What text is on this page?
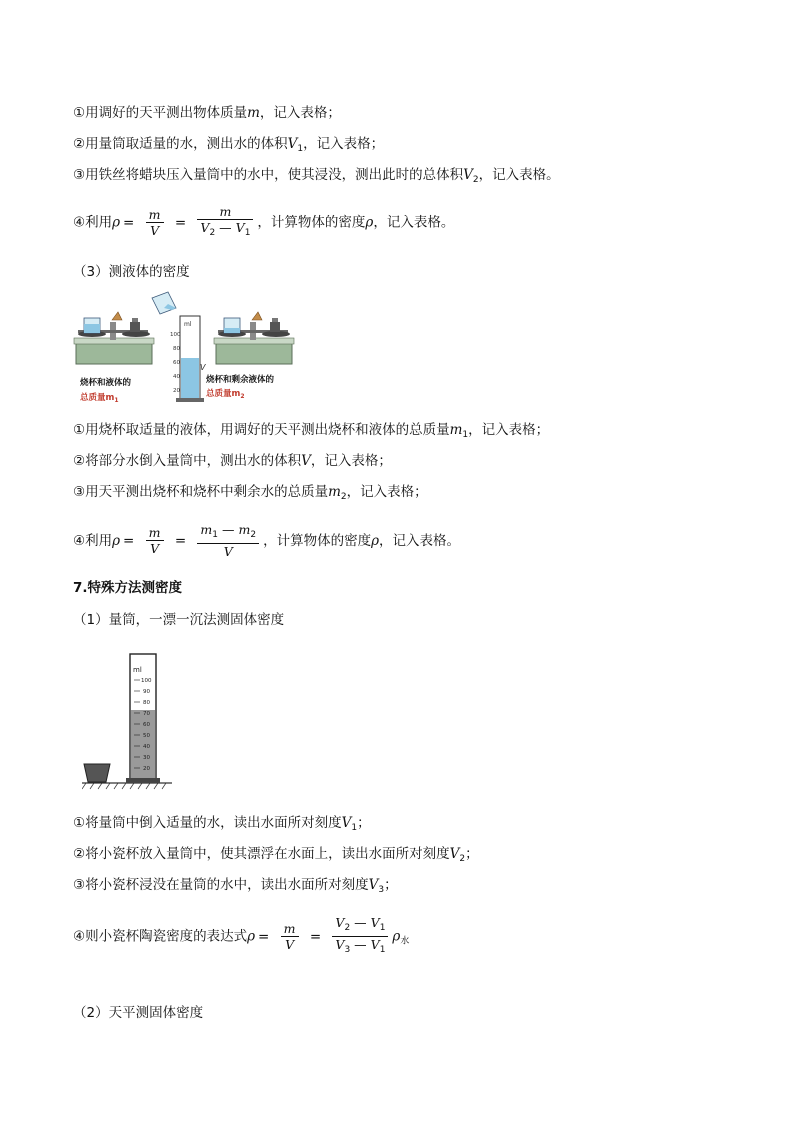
①用调好的天平测出物体质量m，记入表格；
②用量筒取适量的水，测出水的体积$V_1$，记入表格；
③用铁丝将蜡块压入量筒中的水中，使其浸没，测出此时的总体积$V_2$，记入表格。
④利用$\rho = \frac{m}{V} = \frac{m}{V_2 — V_1}$ ，计算物体的密度ρ，记入表格。
（3）测液体的密度
ml
100
80
60
40
20
V
烧杯和液体的
总质量$m_1$
烧杯和剩余液体的
总质量$m_2$
①用烧杯取适量的液体，用调好的天平测出烧杯和液体的总质量$m_1$，记入表格；
②将部分水倒入量筒中，测出水的体积V，记入表格；
③用天平测出烧杯和烧杯中剩余水的总质量$m_2$，记入表格；
④利用$\rho = \frac{m}{V} = \frac{m_1 — m_2}{V}$ ，计算物体的密度ρ，记入表格。
7.特殊方法测密度
（1）量筒，一漂一沉法测固体密度
ml
100
90
80
70
60
50
40
30
20
①将量筒中倒入适量的水，读出水面所对刻度$V_1$；
②将小瓷杯放入量筒中，使其漂浮在水面上，读出水面所对刻度$V_2$；
③将小瓷杯浸没在量筒的水中，读出水面所对刻度$V_3$；
④则小瓷杯陶瓷密度的表达式$\rho = \frac{m}{V} = \frac{V_2 — V_1}{V_3 — V_1} \rho_水$
（2）天平测固体密度
